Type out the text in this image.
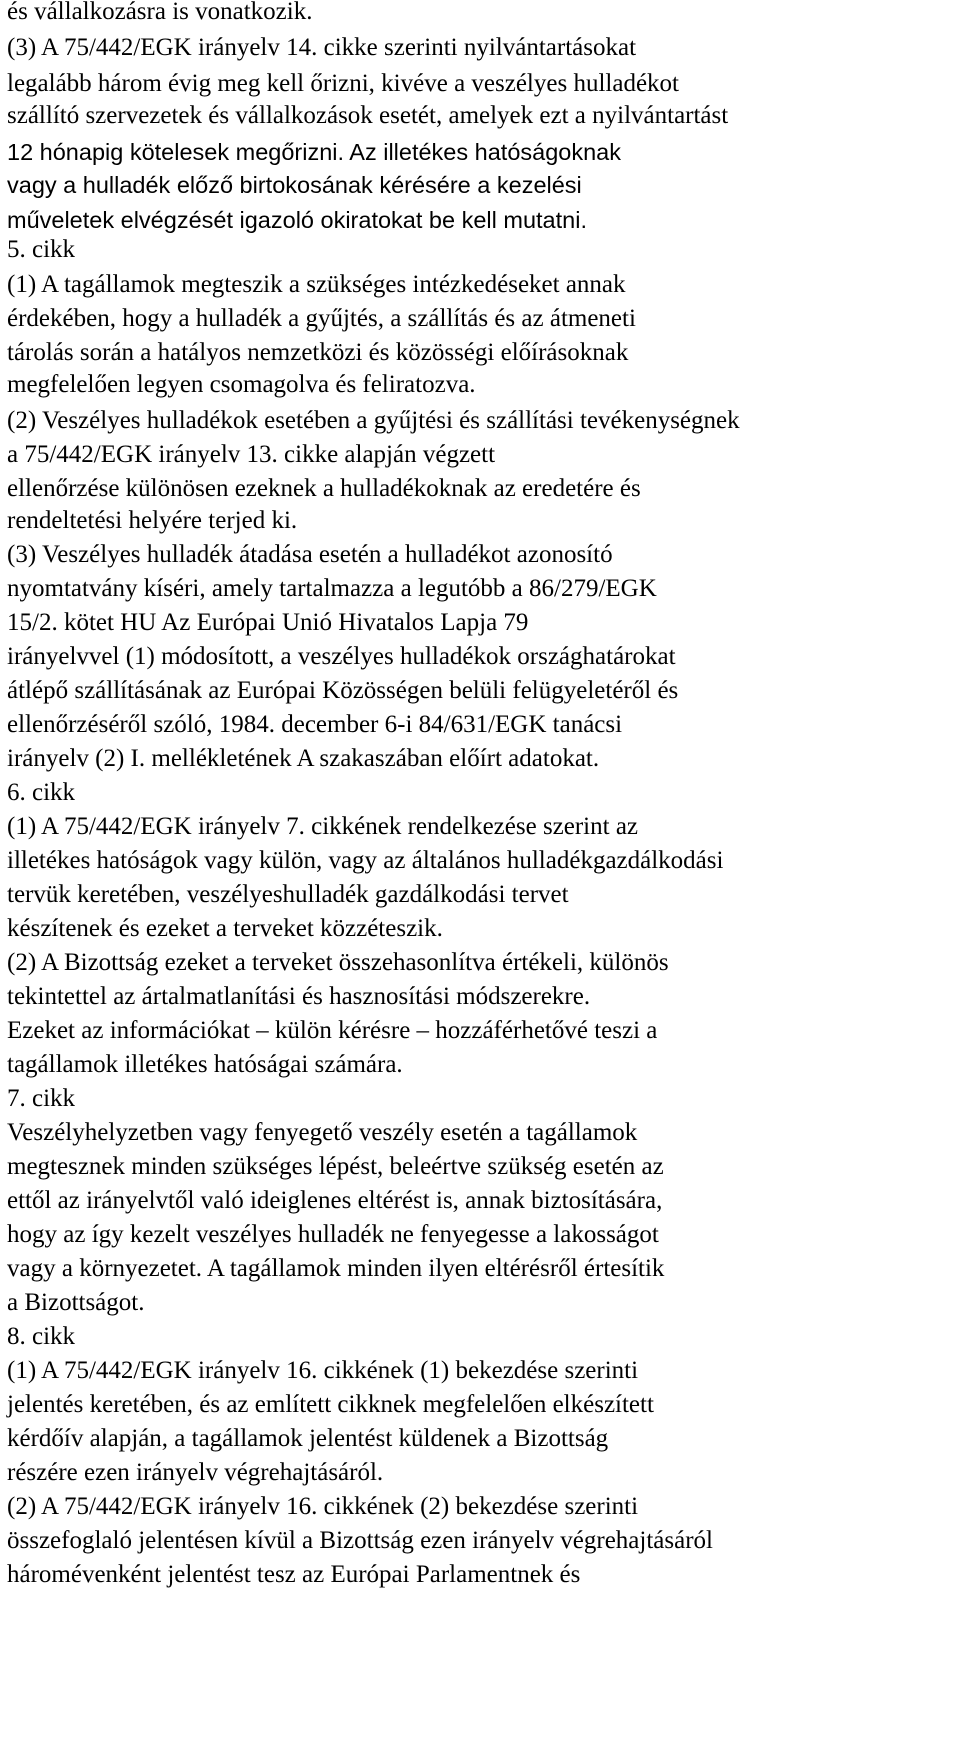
és vállalkozásra is vonatkozik.
(3) A 75/442/EGK irányelv 14. cikke szerinti nyilvántartásokat
legalább három évig meg kell őrizni, kivéve a veszélyes hulladékot
szállító szervezetek és vállalkozások esetét, amelyek ezt a nyilvántartást
12 hónapig kötelesek megőrizni. Az illetékes hatóságoknak
vagy a hulladék előző birtokosának kérésére a kezelési
műveletek elvégzését igazoló okiratokat be kell mutatni.
5. cikk
(1) A tagállamok megteszik a szükséges intézkedéseket annak
érdekében, hogy a hulladék a gyűjtés, a szállítás és az átmeneti
tárolás során a hatályos nemzetközi és közösségi előírásoknak
megfelelően legyen csomagolva és feliratozva.
(2) Veszélyes hulladékok esetében a gyűjtési és szállítási tevékenységnek
a 75/442/EGK irányelv 13. cikke alapján végzett
ellenőrzése különösen ezeknek a hulladékoknak az eredetére és
rendeltetési helyére terjed ki.
(3) Veszélyes hulladék átadása esetén a hulladékot azonosító
nyomtatvány kíséri, amely tartalmazza a legutóbb a 86/279/EGK
15/2. kötet HU Az Európai Unió Hivatalos Lapja 79
irányelvvel (1) módosított, a veszélyes hulladékok országhatárokat
átlépő szállításának az Európai Közösségen belüli felügyeletéről és
ellenőrzéséről szóló, 1984. december 6-i 84/631/EGK tanácsi
irányelv (2) I. mellékletének A szakaszában előírt adatokat.
6. cikk
(1) A 75/442/EGK irányelv 7. cikkének rendelkezése szerint az
illetékes hatóságok vagy külön, vagy az általános hulladékgazdálkodási
tervük keretében, veszélyeshulladék gazdálkodási tervet
készítenek és ezeket a terveket közzéteszik.
(2) A Bizottság ezeket a terveket összehasonlítva értékeli, különös
tekintettel az ártalmatlanítási és hasznosítási módszerekre.
Ezeket az információkat – külön kérésre – hozzáférhetővé teszi a
tagállamok illetékes hatóságai számára.
7. cikk
Veszélyhelyzetben vagy fenyegető veszély esetén a tagállamok
megtesznek minden szükséges lépést, beleértve szükség esetén az
ettől az irányelvtől való ideiglenes eltérést is, annak biztosítására,
hogy az így kezelt veszélyes hulladék ne fenyegesse a lakosságot
vagy a környezetet. A tagállamok minden ilyen eltérésről értesítik
a Bizottságot.
8. cikk
(1) A 75/442/EGK irányelv 16. cikkének (1) bekezdése szerinti
jelentés keretében, és az említett cikknek megfelelően elkészített
kérdőív alapján, a tagállamok jelentést küldenek a Bizottság
részére ezen irányelv végrehajtásáról.
(2) A 75/442/EGK irányelv 16. cikkének (2) bekezdése szerinti
összefoglaló jelentésen kívül a Bizottság ezen irányelv végrehajtásáról
háromévenként jelentést tesz az Európai Parlamentnek és
